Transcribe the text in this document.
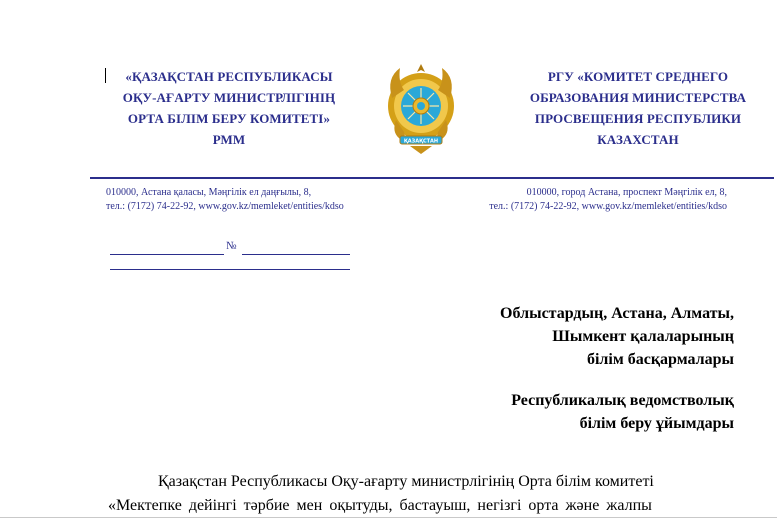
«ҚАЗАҚСТАН РЕСПУБЛИКАСЫ
ОҚУ-АҒАРТУ МИНИСТРЛІГІНІҢ
ОРТА БІЛІМ БЕРУ КОМИТЕТІ»
РММ	ҚАЗАҚСТАН
РГУ «КОМИТЕТ СРЕДНЕГО
ОБРАЗОВАНИЯ МИНИСТЕРСТВА
ПРОСВЕЩЕНИЯ РЕСПУБЛИКИ
КАЗАХСТАН
010000, Астана қаласы, Мәңгілік ел даңғылы, 8,
тел.: (7172) 74-22-92, www.gov.kz/memleket/entities/kdso
010000, город Астана, проспект Мәңгілік ел, 8,
тел.: (7172) 74-22-92, www.gov.kz/memleket/entities/kdso
№
Облыстардың, Астана, Алматы,
Шымкент қалаларының
білім басқармалары
Республикалық ведомстволық
білім беру ұйымдары
Қазақстан Республикасы Оқу-ағарту министрлігінің Орта білім комитеті
«Мектепке дейінгі тәрбие мен оқытуды, бастауыш, негізгі орта және жалпы
